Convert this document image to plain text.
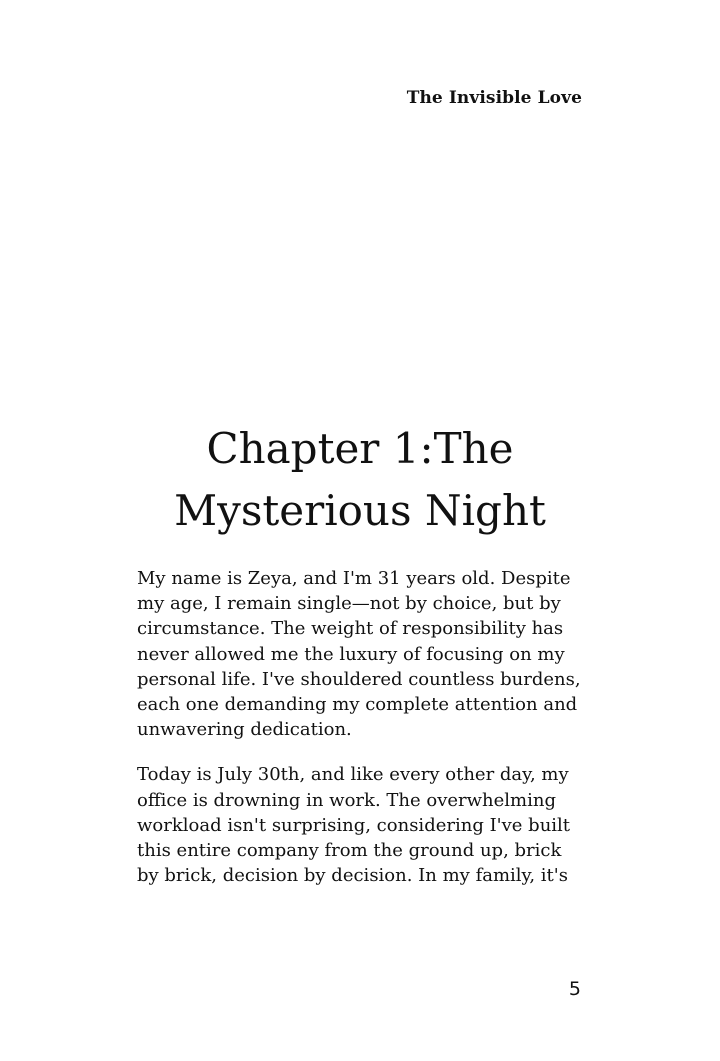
The Invisible Love
Chapter 1:The
Mysterious Night

My name is Zeya, and I'm 31 years old. Despite my age, I remain single—not by choice, but by circumstance. The weight of responsibility has never allowed me the luxury of focusing on my personal life. I've shouldered countless burdens, each one demanding my complete attention and unwavering dedication.

Today is July 30th, and like every other day, my office is drowning in work. The overwhelming workload isn't surprising, considering I've built this entire company from the ground up, brick by brick, decision by decision. In my family, it's

5
